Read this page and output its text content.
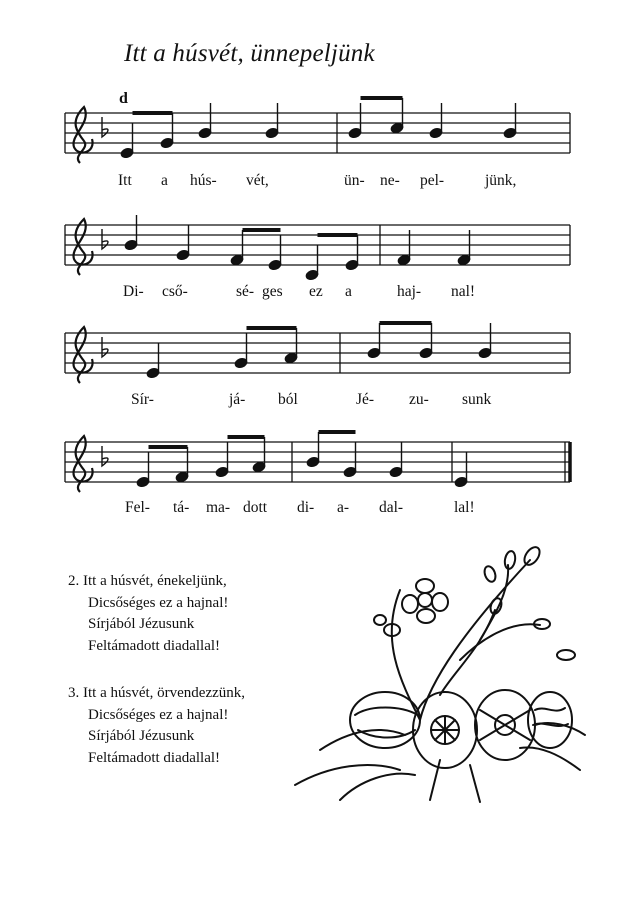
Itt a húsvét, ünnepeljünk
d
Itt a hús- vét,	ün- ne- pel-	jünk,
Di- cső-	sé- ges ez a	haj- nal!
Sír-	já- ból	Jé- zu- sunk
Fel- tá- ma- dott di- a- dal-	lal!
2. Itt a húsvét, énekeljünk,
Dicsőséges ez a hajnal!
Sírjából Jézusunk
Feltámadott diadallal!
3. Itt a húsvét, örvendezzünk,
Dicsőséges ez a hajnal!
Sírjából Jézusunk
Feltámadott diadallal!
